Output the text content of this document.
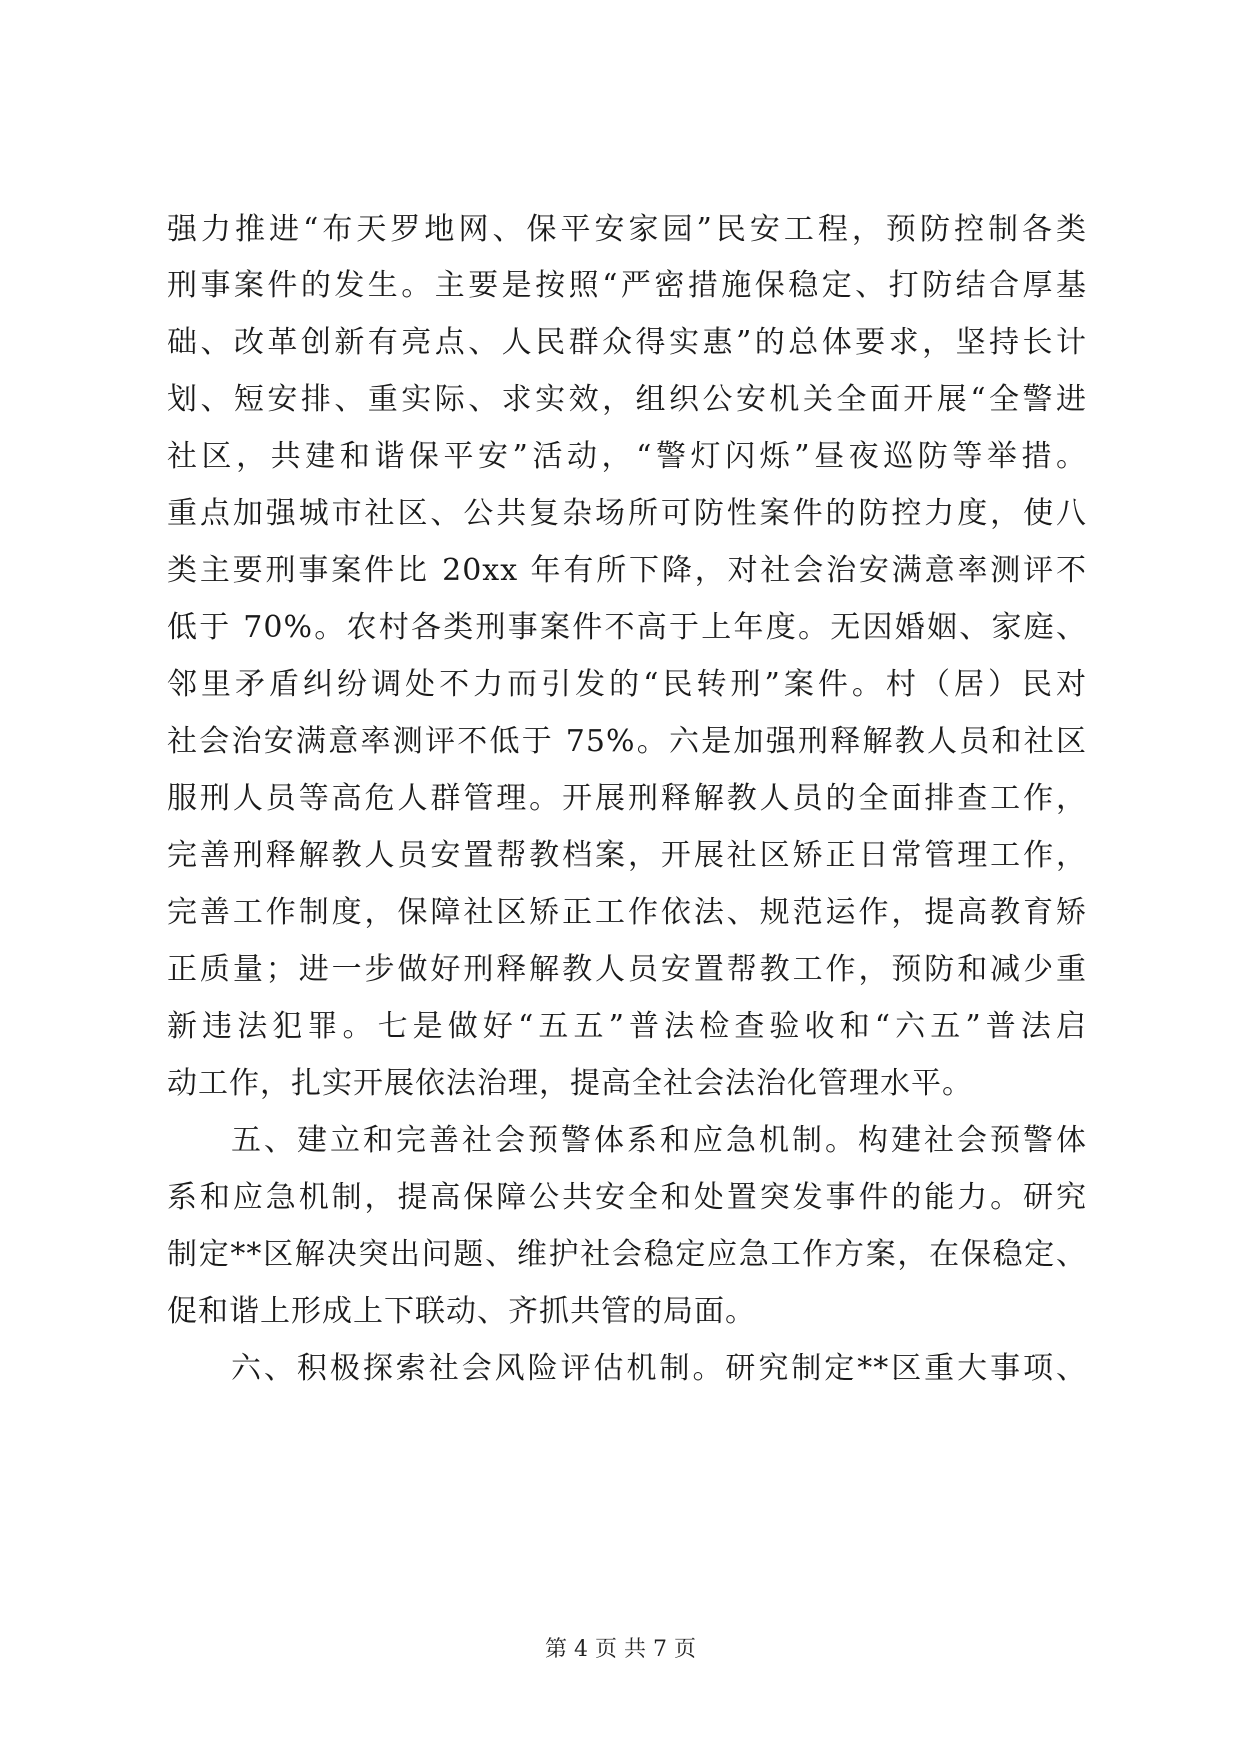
强力推进“布天罗地网、保平安家园”民安工程，预防控制各类
刑事案件的发生。主要是按照“严密措施保稳定、打防结合厚基
础、改革创新有亮点、人民群众得实惠”的总体要求，坚持长计
划、短安排、重实际、求实效，组织公安机关全面开展“全警进
社区，共建和谐保平安”活动，“警灯闪烁”昼夜巡防等举措。
重点加强城市社区、公共复杂场所可防性案件的防控力度，使八
类主要刑事案件比 20xx 年有所下降，对社会治安满意率测评不
低于 70%。农村各类刑事案件不高于上年度。无因婚姻、家庭、
邻里矛盾纠纷调处不力而引发的“民转刑”案件。村（居）民对
社会治安满意率测评不低于 75%。六是加强刑释解教人员和社区
服刑人员等高危人群管理。开展刑释解教人员的全面排查工作，
完善刑释解教人员安置帮教档案，开展社区矫正日常管理工作，
完善工作制度，保障社区矫正工作依法、规范运作，提高教育矫
正质量；进一步做好刑释解教人员安置帮教工作，预防和减少重
新违法犯罪。七是做好“五五”普法检查验收和“六五”普法启
动工作，扎实开展依法治理，提高全社会法治化管理水平。
五、建立和完善社会预警体系和应急机制。构建社会预警体
系和应急机制，提高保障公共安全和处置突发事件的能力。研究
制定**区解决突出问题、维护社会稳定应急工作方案，在保稳定、
促和谐上形成上下联动、齐抓共管的局面。
六、积极探索社会风险评估机制。研究制定**区重大事项、
第 4 页 共 7 页
